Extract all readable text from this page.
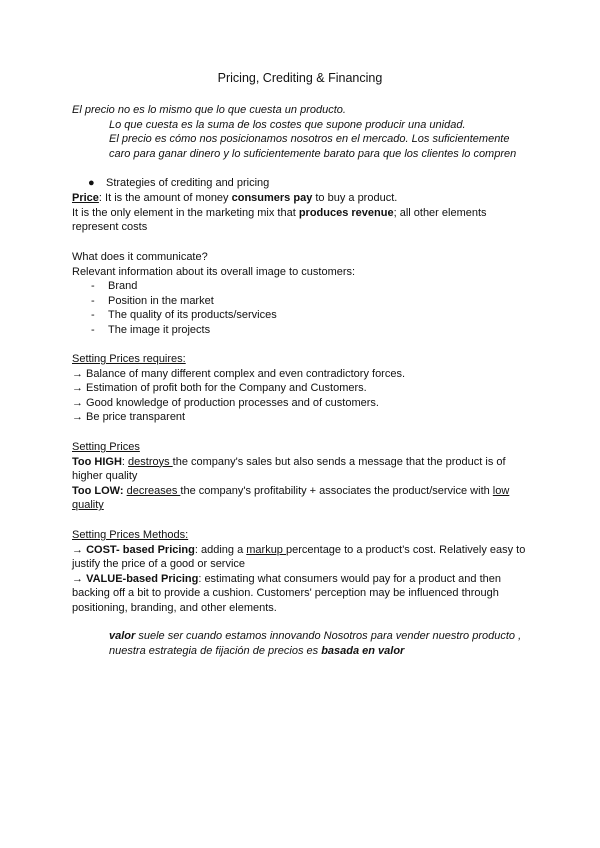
Pricing, Crediting & Financing

El precio no es lo mismo que lo que cuesta un producto.

Lo que cuesta es la suma de los costes que supone producir una unidad.

El precio es cómo nos posicionamos nosotros en el mercado. Los suficientemente

caro para ganar dinero y lo suficientemente barato para que los clientes lo compren

● Strategies of crediting and pricing

Price: It is the amount of money consumers pay to buy a product.

It is the only element in the marketing mix that produces revenue; all other elements represent costs

What does it communicate?

Relevant information about its overall image to customers:

- Brand
- Position in the market
- The quality of its products/services
- The image it projects

Setting Prices requires:

→ Balance of many different complex and even contradictory forces.

→ Estimation of profit both for the Company and Customers.

→ Good knowledge of production processes and of customers.

→ Be price transparent

Setting Prices

Too HIGH: destroys the company's sales but also sends a message that the product is of higher quality

Too LOW: decreases the company's profitability + associates the product/service with low quality

Setting Prices Methods:

→ COST- based Pricing: adding a markup percentage to a product's cost. Relatively easy to justify the price of a good or service

→ VALUE-based Pricing: estimating what consumers would pay for a product and then backing off a bit to provide a cushion. Customers' perception may be influenced through positioning, branding, and other elements.

valor suele ser cuando estamos innovando Nosotros para vender nuestro producto ,

nuestra estrategia de fijación de precios es basada en valor
